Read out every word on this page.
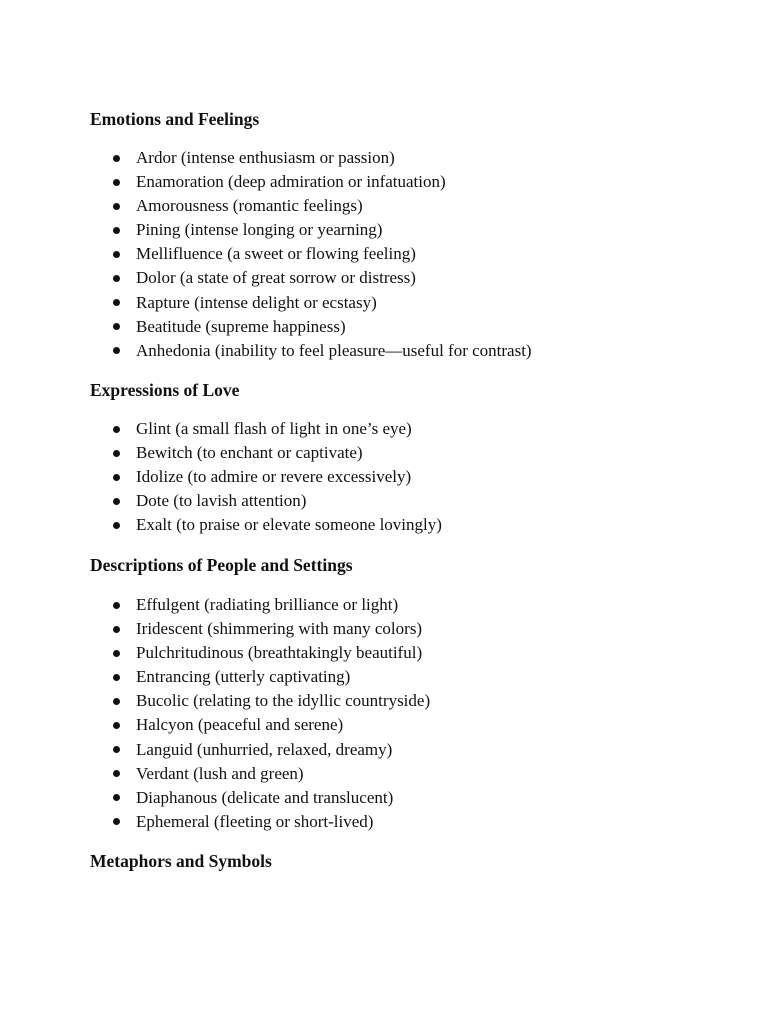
Emotions and Feelings
Ardor (intense enthusiasm or passion)
Enamoration (deep admiration or infatuation)
Amorousness (romantic feelings)
Pining (intense longing or yearning)
Mellifluence (a sweet or flowing feeling)
Dolor (a state of great sorrow or distress)
Rapture (intense delight or ecstasy)
Beatitude (supreme happiness)
Anhedonia (inability to feel pleasure—useful for contrast)
Expressions of Love
Glint (a small flash of light in one’s eye)
Bewitch (to enchant or captivate)
Idolize (to admire or revere excessively)
Dote (to lavish attention)
Exalt (to praise or elevate someone lovingly)
Descriptions of People and Settings
Effulgent (radiating brilliance or light)
Iridescent (shimmering with many colors)
Pulchritudinous (breathtakingly beautiful)
Entrancing (utterly captivating)
Bucolic (relating to the idyllic countryside)
Halcyon (peaceful and serene)
Languid (unhurried, relaxed, dreamy)
Verdant (lush and green)
Diaphanous (delicate and translucent)
Ephemeral (fleeting or short-lived)
Metaphors and Symbols
